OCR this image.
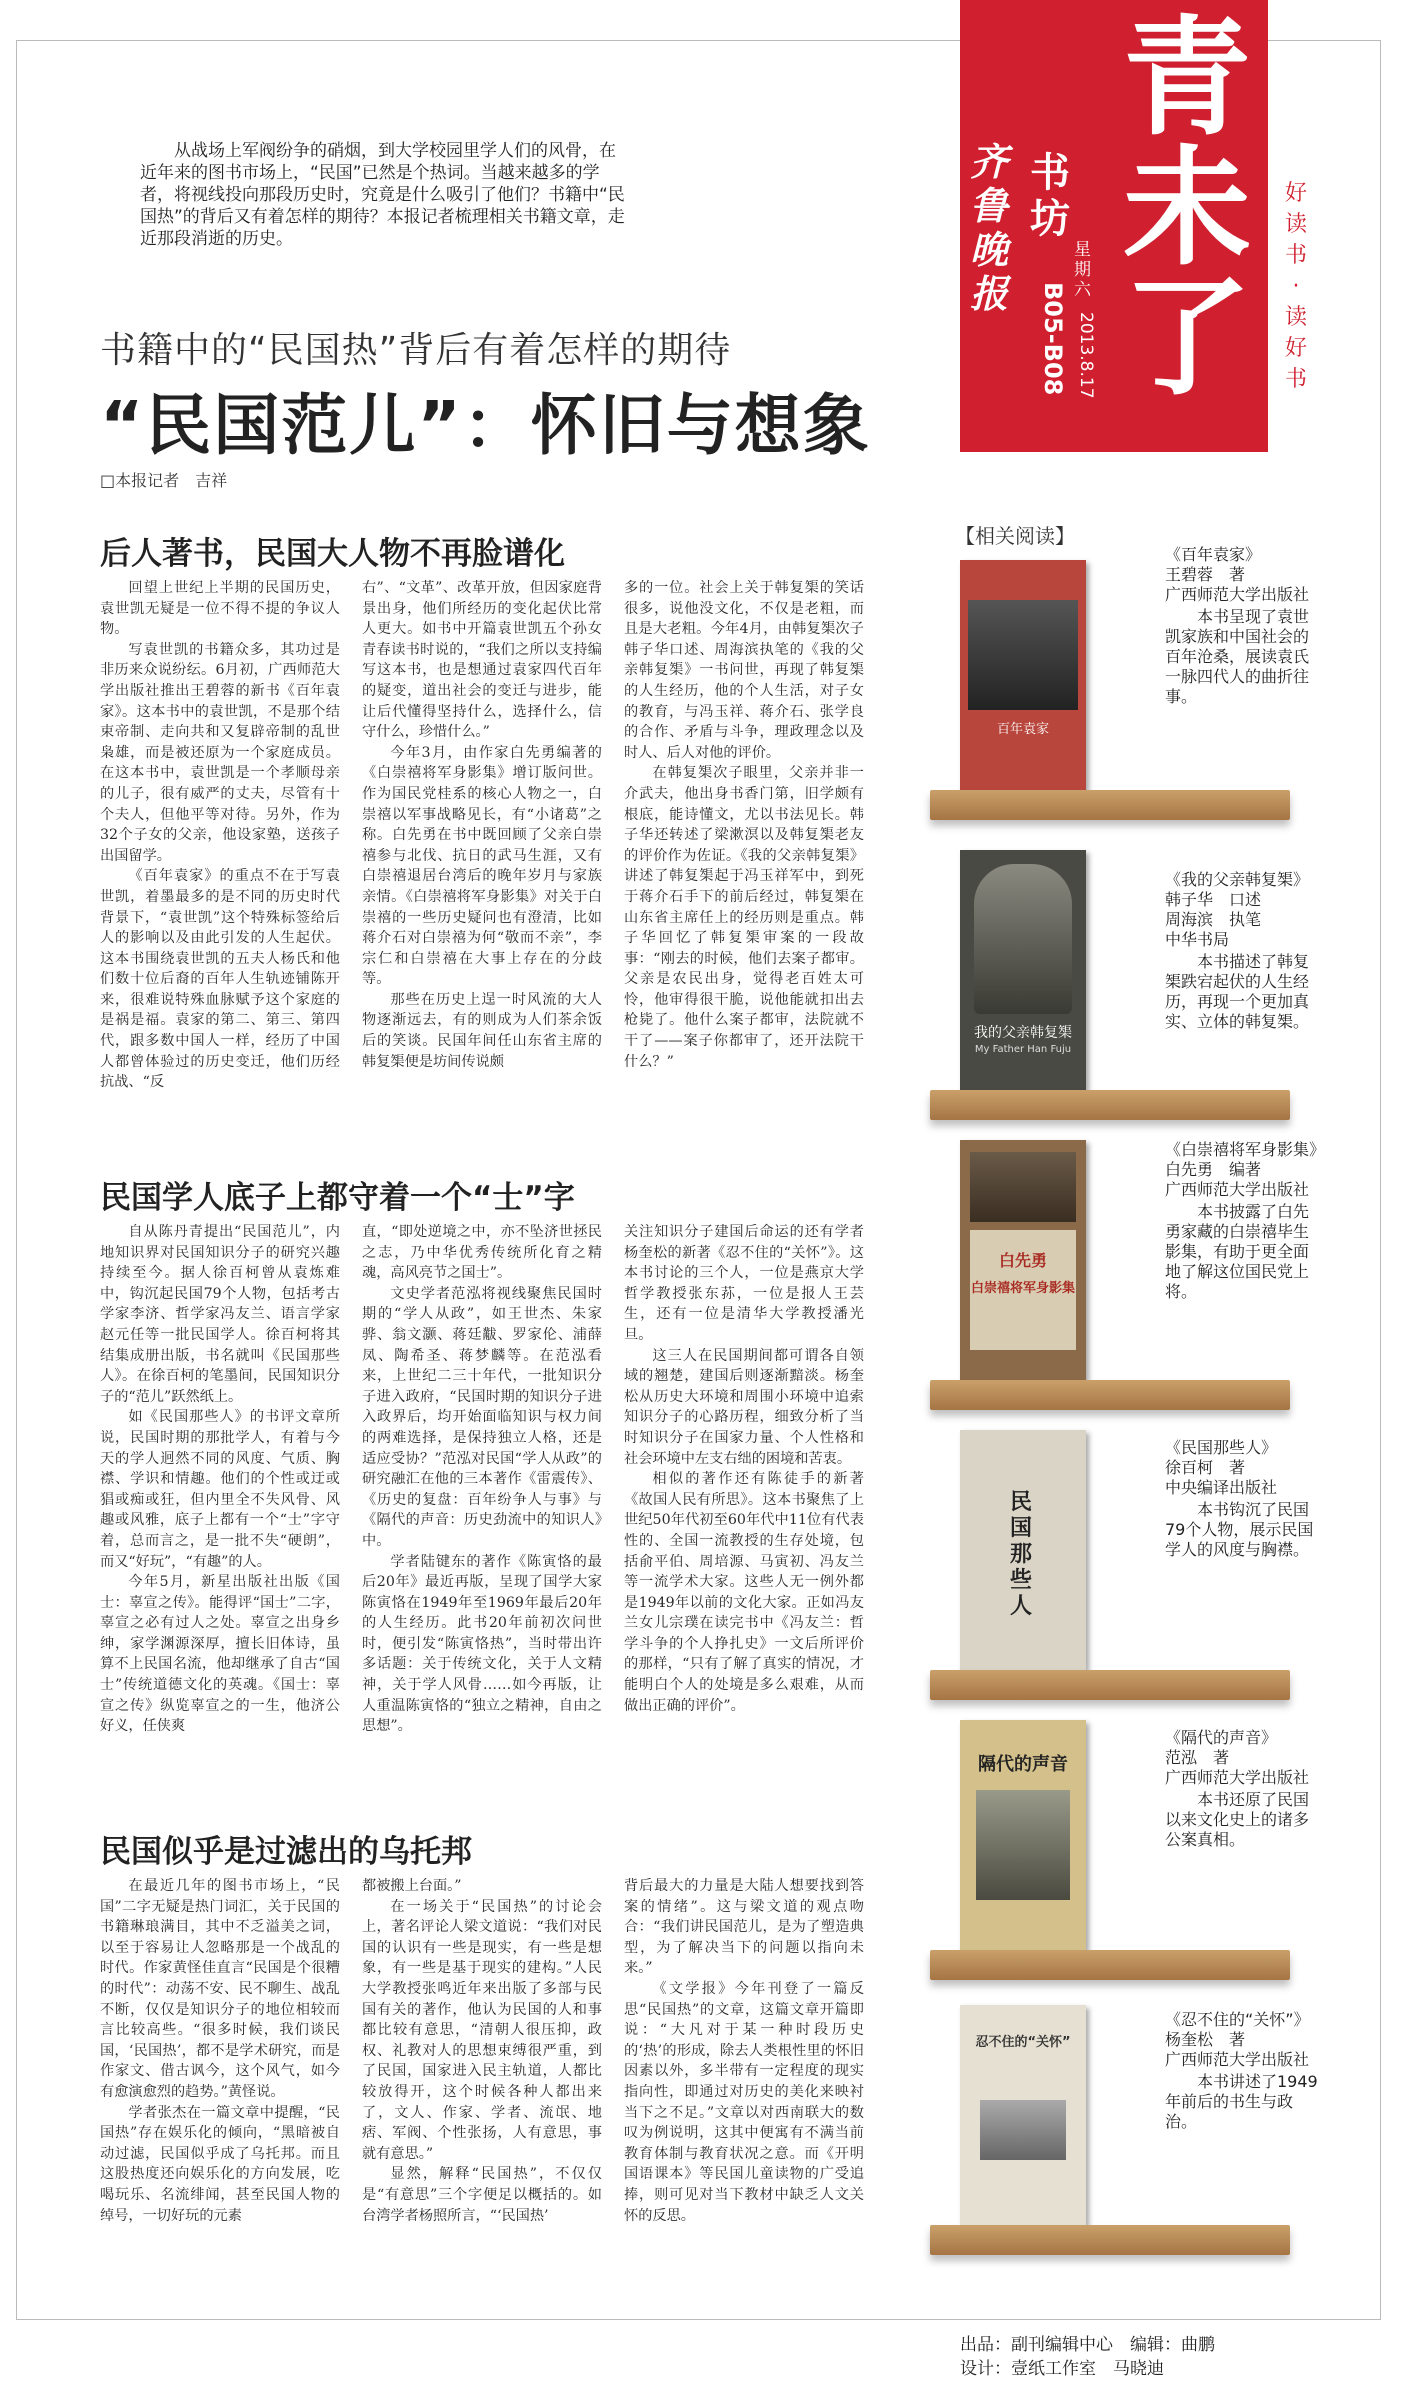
青未了
齐鲁晚报
书坊
星期六
2013.8.17
B05-B08
好读书·读好书
从战场上军阀纷争的硝烟，到大学校园里学人们的风骨，在近年来的图书市场上，“民国”已然是个热词。当越来越多的学者，将视线投向那段历史时，究竟是什么吸引了他们？书籍中“民国热”的背后又有着怎样的期待？本报记者梳理相关书籍文章，走近那段消逝的历史。
书籍中的“民国热”背后有着怎样的期待
“民国范儿”：怀旧与想象
□本报记者　吉祥
后人著书，民国大人物不再脸谱化

回望上世纪上半期的民国历史，袁世凯无疑是一位不得不提的争议人物。

写袁世凯的书籍众多，其功过是非历来众说纷纭。6月初，广西师范大学出版社推出王碧蓉的新书《百年袁家》。这本书中的袁世凯，不是那个结束帝制、走向共和又复辟帝制的乱世枭雄，而是被还原为一个家庭成员。在这本书中，袁世凯是一个孝顺母亲的儿子，很有威严的丈夫，尽管有十个夫人，但他平等对待。另外，作为32个子女的父亲，他设家塾，送孩子出国留学。

《百年袁家》的重点不在于写袁世凯，着墨最多的是不同的历史时代背景下，“袁世凯”这个特殊标签给后人的影响以及由此引发的人生起伏。这本书围绕袁世凯的五夫人杨氏和他们数十位后裔的百年人生轨迹铺陈开来，很难说特殊血脉赋予这个家庭的是祸是福。袁家的第二、第三、第四代，跟多数中国人一样，经历了中国人都曾体验过的历史变迁，他们历经抗战、“反

右”、“文革”、改革开放，但因家庭背景出身，他们所经历的变化起伏比常人更大。如书中开篇袁世凯五个孙女青春读书时说的，“我们之所以支持编写这本书，也是想通过袁家四代百年的疑变，道出社会的变迁与进步，能让后代懂得坚持什么，选择什么，信守什么，珍惜什么。”

今年3月，由作家白先勇编著的《白崇禧将军身影集》增订版问世。作为国民党桂系的核心人物之一，白崇禧以军事战略见长，有“小诸葛”之称。白先勇在书中既回顾了父亲白崇禧参与北伐、抗日的武马生涯，又有白崇禧退居台湾后的晚年岁月与家族亲情。《白崇禧将军身影集》对关于白崇禧的一些历史疑问也有澄清，比如蒋介石对白崇禧为何“敬而不亲”，李宗仁和白崇禧在大事上存在的分歧等。

那些在历史上逞一时风流的大人物逐渐远去，有的则成为人们茶余饭后的笑谈。民国年间任山东省主席的韩复榘便是坊间传说颇

多的一位。社会上关于韩复榘的笑话很多，说他没文化，不仅是老粗，而且是大老粗。今年4月，由韩复榘次子韩子华口述、周海滨执笔的《我的父亲韩复榘》一书问世，再现了韩复榘的人生经历，他的个人生活，对子女的教育，与冯玉祥、蒋介石、张学良的合作、矛盾与斗争，理政理念以及时人、后人对他的评价。

在韩复榘次子眼里，父亲并非一介武夫，他出身书香门第，旧学颇有根底，能诗懂文，尤以书法见长。韩子华还转述了梁漱溟以及韩复榘老友的评价作为佐证。《我的父亲韩复榘》讲述了韩复榘起于冯玉祥军中，到死于蒋介石手下的前后经过，韩复榘在山东省主席任上的经历则是重点。韩子华回忆了韩复榘审案的一段故事：“刚去的时候，他们去案子都审。父亲是农民出身，觉得老百姓太可怜，他审得很干脆，说他能就扣出去枪毙了。他什么案子都审，法院就不干了——案子你都审了，还开法院干什么？”

民国学人底子上都守着一个“士”字

自从陈丹青提出“民国范儿”，内地知识界对民国知识分子的研究兴趣持续至今。据人徐百柯曾从袁炼难中，钩沉起民国79个人物，包括考古学家李济、哲学家冯友兰、语言学家赵元任等一批民国学人。徐百柯将其结集成册出版，书名就叫《民国那些人》。在徐百柯的笔墨间，民国知识分子的“范儿”跃然纸上。

如《民国那些人》的书评文章所说，民国时期的那批学人，有着与今天的学人迥然不同的风度、气质、胸襟、学识和情趣。他们的个性或迂或猖或痴或狂，但内里全不失风骨、风趣或风雅，底子上都有一个“士”字守着，总而言之，是一批不失“硬朗”，而又“好玩”，“有趣”的人。

今年5月，新星出版社出版《国士：辜宣之传》。能得评“国士”二字，辜宣之必有过人之处。辜宣之出身乡绅，家学渊源深厚，擅长旧体诗，虽算不上民国名流，他却继承了自古“国士”传统道德文化的英魂。《国士：辜宣之传》纵览辜宣之的一生，他济公好义，任侠爽

直，“即处逆境之中，亦不坠济世拯民之志，乃中华优秀传统所化育之精魂，高风亮节之国士”。

文史学者范泓将视线聚焦民国时期的“学人从政”，如王世杰、朱家骅、翁文灏、蒋廷黻、罗家伦、浦薛凤、陶希圣、蒋梦麟等。在范泓看来，上世纪二三十年代，一批知识分子进入政府，“民国时期的知识分子进入政界后，均开始面临知识与权力间的两难选择，是保持独立人格，还是适应受协？”范泓对民国“学人从政”的研究融汇在他的三本著作《雷震传》、《历史的复盘：百年纷争人与事》与《隔代的声音：历史劲流中的知识人》中。

学者陆键东的著作《陈寅恪的最后20年》最近再版，呈现了国学大家陈寅恪在1949年至1969年最后20年的人生经历。此书20年前初次问世时，便引发“陈寅恪热”，当时带出许多话题：关于传统文化，关于人文精神，关于学人风骨……如今再版，让人重温陈寅恪的“独立之精神，自由之思想”。

关注知识分子建国后命运的还有学者杨奎松的新著《忍不住的“关怀”》。这本书讨论的三个人，一位是燕京大学哲学教授张东荪，一位是报人王芸生，还有一位是清华大学教授潘光旦。

这三人在民国期间都可谓各自领域的翘楚，建国后则逐渐黯淡。杨奎松从历史大环境和周围小环境中追索知识分子的心路历程，细致分析了当时知识分子在国家力量、个人性格和社会环境中左支右绌的困境和苦衷。

相似的著作还有陈徒手的新著《故国人民有所思》。这本书聚焦了上世纪50年代初至60年代中11位有代表性的、全国一流教授的生存处境，包括俞平伯、周培源、马寅初、冯友兰等一流学术大家。这些人无一例外都是1949年以前的文化大家。正如冯友兰女儿宗璞在读完书中《冯友兰：哲学斗争的个人挣扎史》一文后所评价的那样，“只有了解了真实的情况，才能明白个人的处境是多么艰难，从而做出正确的评价”。

民国似乎是过滤出的乌托邦

在最近几年的图书市场上，“民国”二字无疑是热门词汇，关于民国的书籍琳琅满目，其中不乏溢美之词，以至于容易让人忽略那是一个战乱的时代。作家黄怪佳直言“民国是个很糟的时代”：动荡不安、民不聊生、战乱不断，仅仅是知识分子的地位相较而言比较高些。“很多时候，我们谈民国，‘民国热’，都不是学术研究，而是作家文、借古讽今，这个风气，如今有愈演愈烈的趋势。”黄怪说。

学者张杰在一篇文章中提醒，“民国热”存在娱乐化的倾向，“黑暗被自动过滤，民国似乎成了乌托邦。而且这股热度还向娱乐化的方向发展，吃喝玩乐、名流绯闻，甚至民国人物的绰号，一切好玩的元素

都被搬上台面。”

在一场关于“民国热”的讨论会上，著名评论人梁文道说：“我们对民国的认识有一些是现实，有一些是想象，有一些是基于现实的建构。”人民大学教授张鸣近年来出版了多部与民国有关的著作，他认为民国的人和事都比较有意思，“清朝人很压抑，政权、礼教对人的思想束缚很严重，到了民国，国家进入民主轨道，人都比较放得开，这个时候各种人都出来了，文人、作家、学者、流氓、地痞、军阀、个性张扬，人有意思，事就有意思。”

显然，解释“民国热”，不仅仅是“有意思”三个字便足以概括的。如台湾学者杨照所言，“‘民国热’

背后最大的力量是大陆人想要找到答案的情绪”。这与梁文道的观点吻合：“我们讲民国范儿，是为了塑造典型，为了解决当下的问题以指向未来。”

《文学报》今年刊登了一篇反思“民国热”的文章，这篇文章开篇即说：“大凡对于某一种时段历史的‘热’的形成，除去人类根性里的怀旧因素以外，多半带有一定程度的现实指向性，即通过对历史的美化来映衬当下之不足。”文章以对西南联大的数叹为例说明，这其中便寓有不满当前教育体制与教育状况之意。而《开明国语课本》等民国儿童读物的广受追捧，则可见对当下教材中缺乏人文关怀的反思。

【相关阅读】
百年袁家
《百年袁家》
王碧蓉　著
广西师范大学出版社
本书呈现了袁世凯家族和中国社会的百年沧桑，展读袁氏一脉四代人的曲折往事。
我的父亲韩复榘
My Father Han Fuju
《我的父亲韩复榘》
韩子华　口述
周海滨　执笔
中华书局
本书描述了韩复榘跌宕起伏的人生经历，再现一个更加真实、立体的韩复榘。
白先勇
白崇禧将军身影集
《白崇禧将军身影集》
白先勇　编著
广西师范大学出版社
本书披露了白先勇家藏的白崇禧毕生影集，有助于更全面地了解这位国民党上将。
民国那些人
《民国那些人》
徐百柯　著
中央编译出版社
本书钩沉了民国79个人物，展示民国学人的风度与胸襟。
隔代的声音
《隔代的声音》
范泓　著
广西师范大学出版社
本书还原了民国以来文化史上的诸多公案真相。
忍不住的“关怀”
《忍不住的“关怀”》
杨奎松　著
广西师范大学出版社
本书讲述了1949年前后的书生与政治。
出品：副刊编辑中心　编辑：曲鹏
设计：壹纸工作室　马晓迪
